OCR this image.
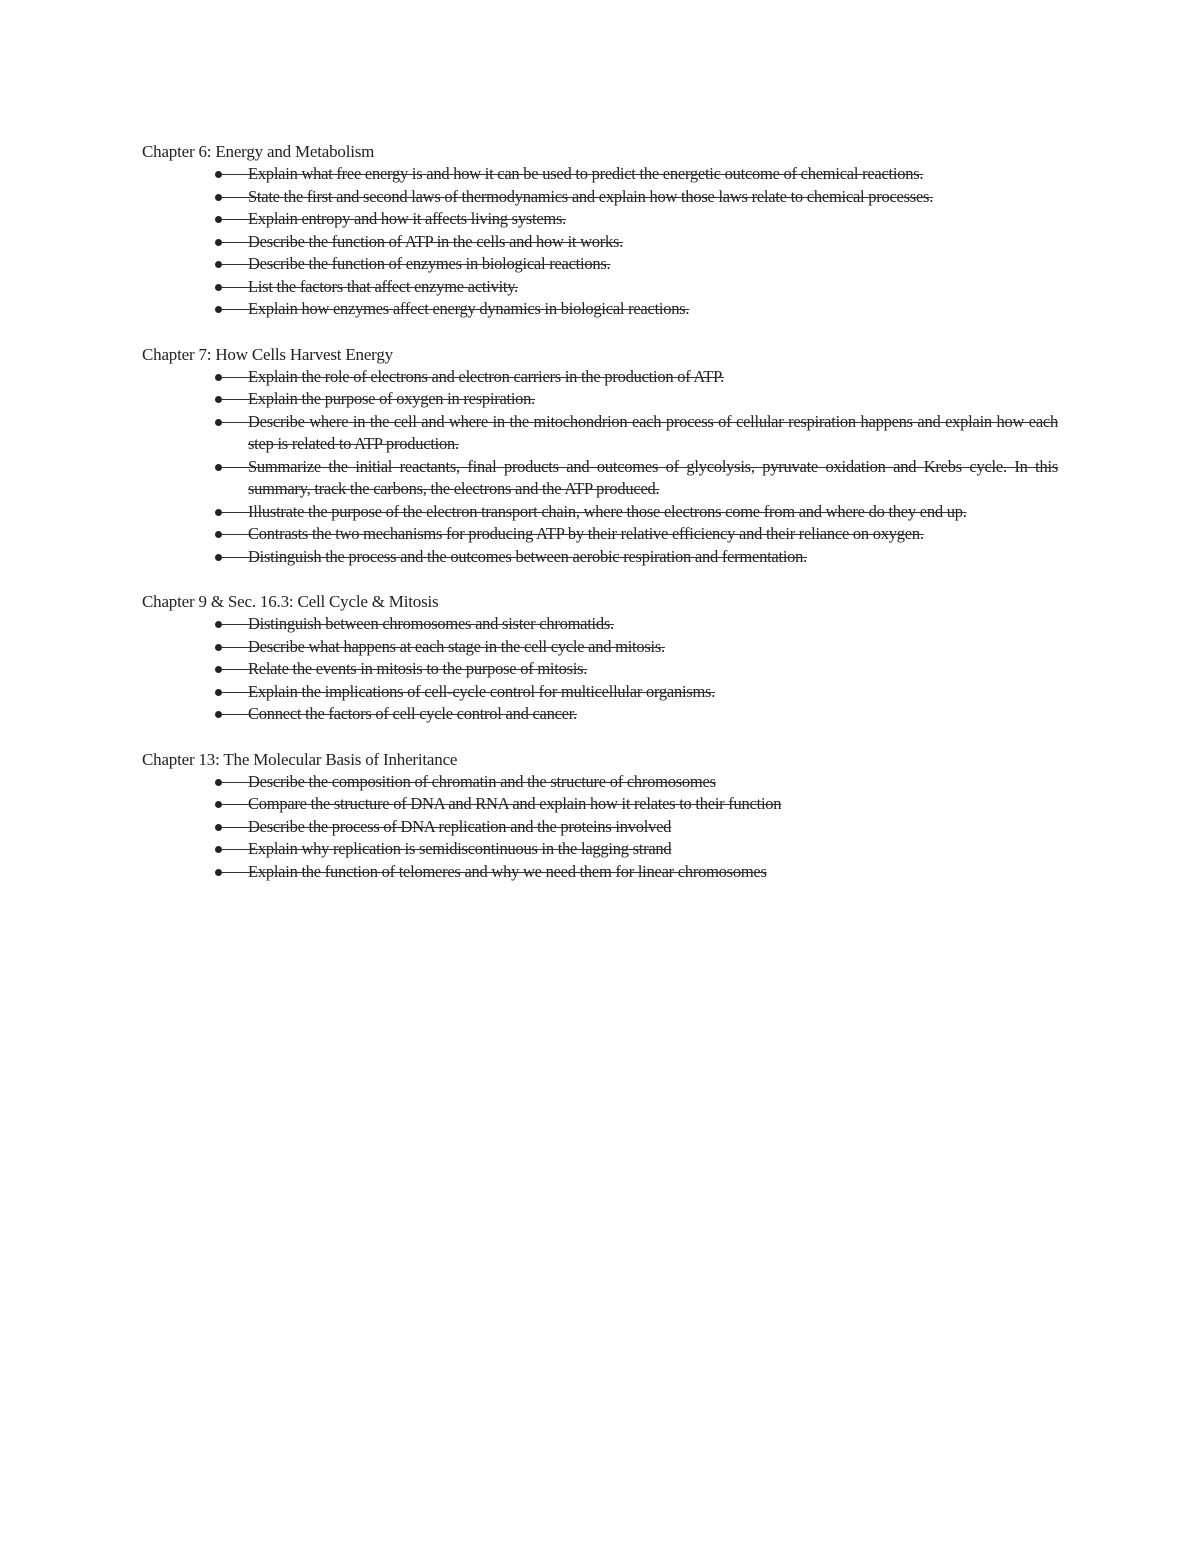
Chapter 6: Energy and Metabolism

Explain what free energy is and how it can be used to predict the energetic outcome of chemical reactions.
State the first and second laws of thermodynamics and explain how those laws relate to chemical processes.
Explain entropy and how it affects living systems.
Describe the function of ATP in the cells and how it works.
Describe the function of enzymes in biological reactions.
List the factors that affect enzyme activity.
Explain how enzymes affect energy dynamics in biological reactions.

Chapter 7: How Cells Harvest Energy

Explain the role of electrons and electron carriers in the production of ATP.
Explain the purpose of oxygen in respiration.
Describe where in the cell and where in the mitochondrion each process of cellular respiration happens and explain how each step is related to ATP production.
Summarize the initial reactants, final products and outcomes of glycolysis, pyruvate oxidation and Krebs cycle. In this summary, track the carbons, the electrons and the ATP produced.
Illustrate the purpose of the electron transport chain, where those electrons come from and where do they end up.
Contrasts the two mechanisms for producing ATP by their relative efficiency and their reliance on oxygen.
Distinguish the process and the outcomes between aerobic respiration and fermentation.

Chapter 9 & Sec. 16.3: Cell Cycle & Mitosis

Distinguish between chromosomes and sister chromatids.
Describe what happens at each stage in the cell cycle and mitosis.
Relate the events in mitosis to the purpose of mitosis.
Explain the implications of cell-cycle control for multicellular organisms.
Connect the factors of cell cycle control and cancer.

Chapter 13: The Molecular Basis of Inheritance

Describe the composition of chromatin and the structure of chromosomes
Compare the structure of DNA and RNA and explain how it relates to their function
Describe the process of DNA replication and the proteins involved
Explain why replication is semidiscontinuous in the lagging strand
Explain the function of telomeres and why we need them for linear chromosomes
